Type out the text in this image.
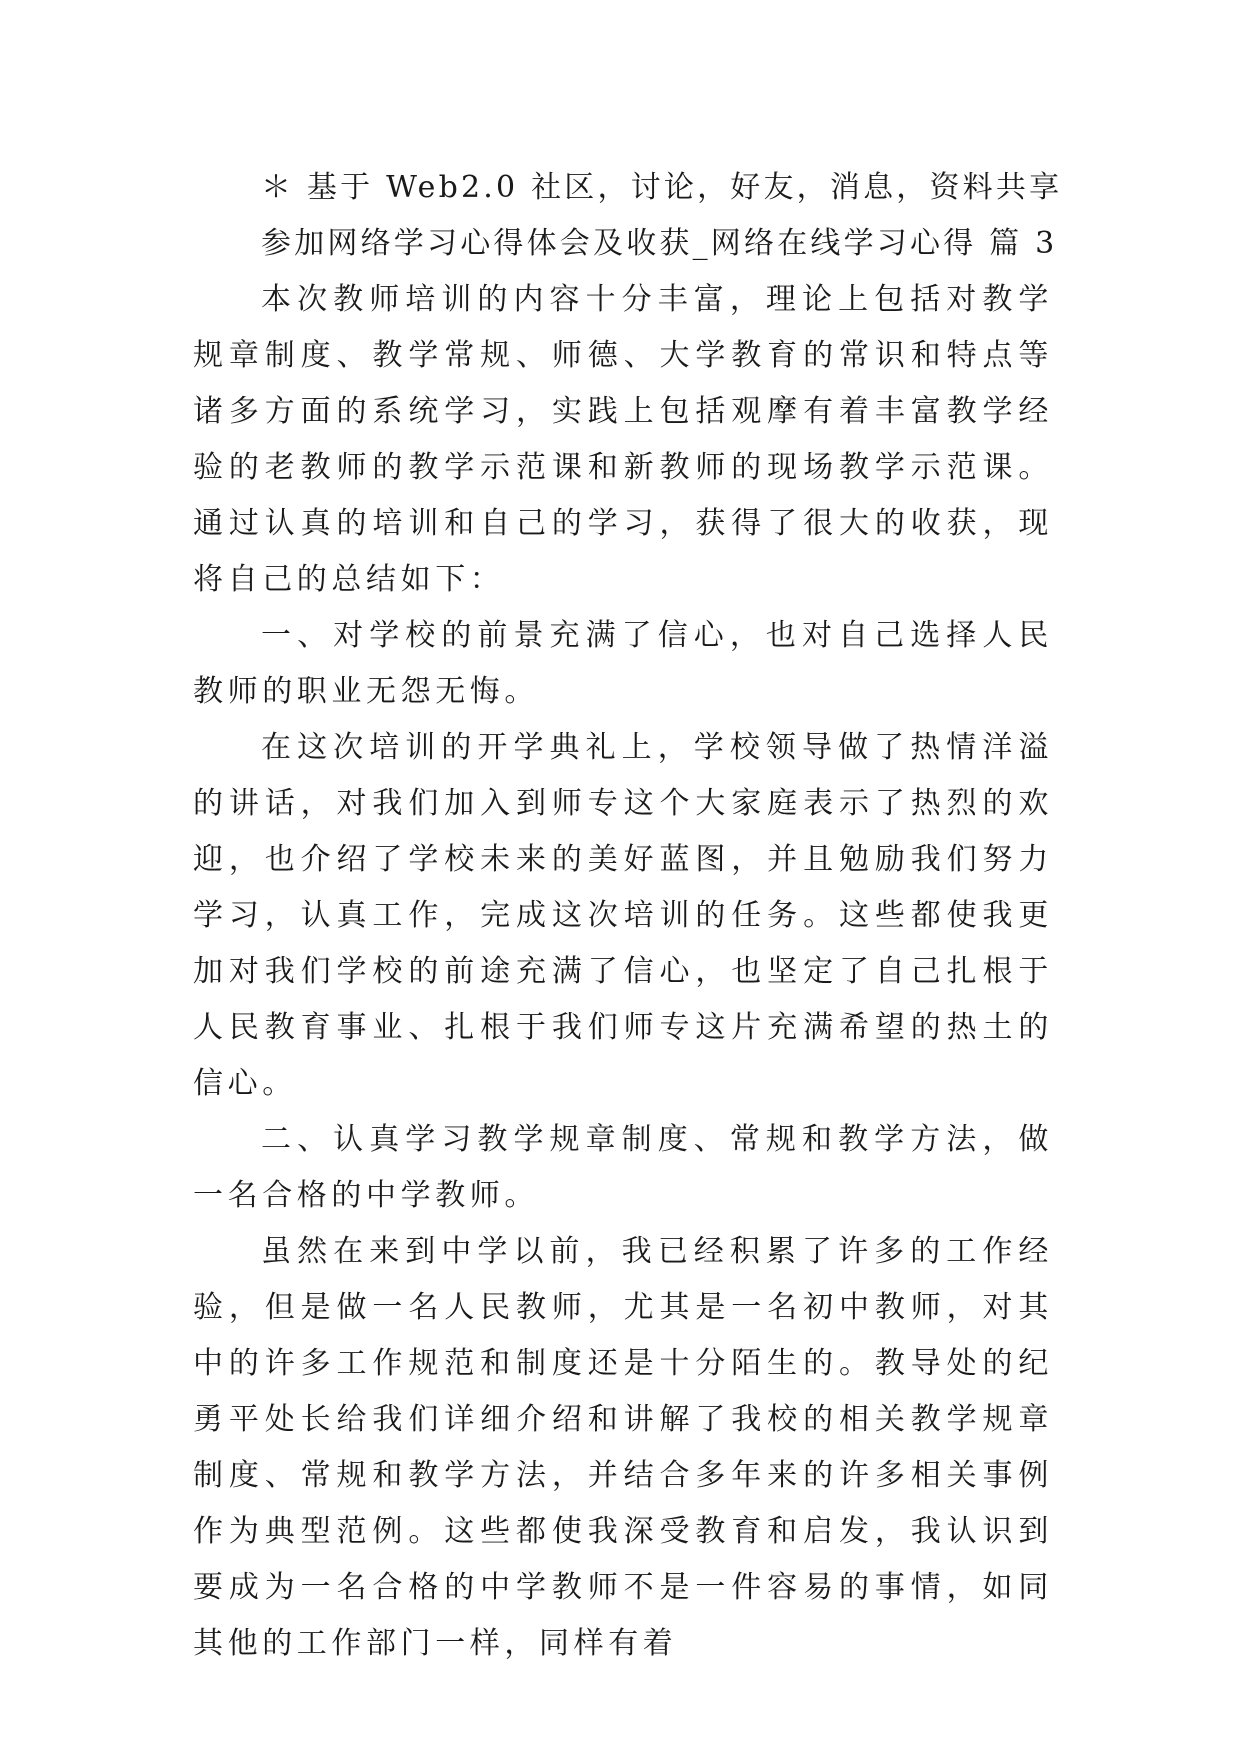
＊ 基于 Web2.0 社区，讨论，好友，消息，资料共享

参加网络学习心得体会及收获_网络在线学习心得 篇 3

本次教师培训的内容十分丰富，理论上包括对教学规章制度、教学常规、师德、大学教育的常识和特点等诸多方面的系统学习，实践上包括观摩有着丰富教学经验的老教师的教学示范课和新教师的现场教学示范课。通过认真的培训和自己的学习，获得了很大的收获，现将自己的总结如下：

一、对学校的前景充满了信心，也对自己选择人民教师的职业无怨无悔。

在这次培训的开学典礼上，学校领导做了热情洋溢的讲话，对我们加入到师专这个大家庭表示了热烈的欢迎，也介绍了学校未来的美好蓝图，并且勉励我们努力学习，认真工作，完成这次培训的任务。这些都使我更加对我们学校的前途充满了信心，也坚定了自己扎根于人民教育事业、扎根于我们师专这片充满希望的热土的信心。

二、认真学习教学规章制度、常规和教学方法，做一名合格的中学教师。

虽然在来到中学以前，我已经积累了许多的工作经验，但是做一名人民教师，尤其是一名初中教师，对其中的许多工作规范和制度还是十分陌生的。教导处的纪勇平处长给我们详细介绍和讲解了我校的相关教学规章制度、常规和教学方法，并结合多年来的许多相关事例作为典型范例。这些都使我深受教育和启发，我认识到要成为一名合格的中学教师不是一件容易的事情，如同其他的工作部门一样，同样有着
